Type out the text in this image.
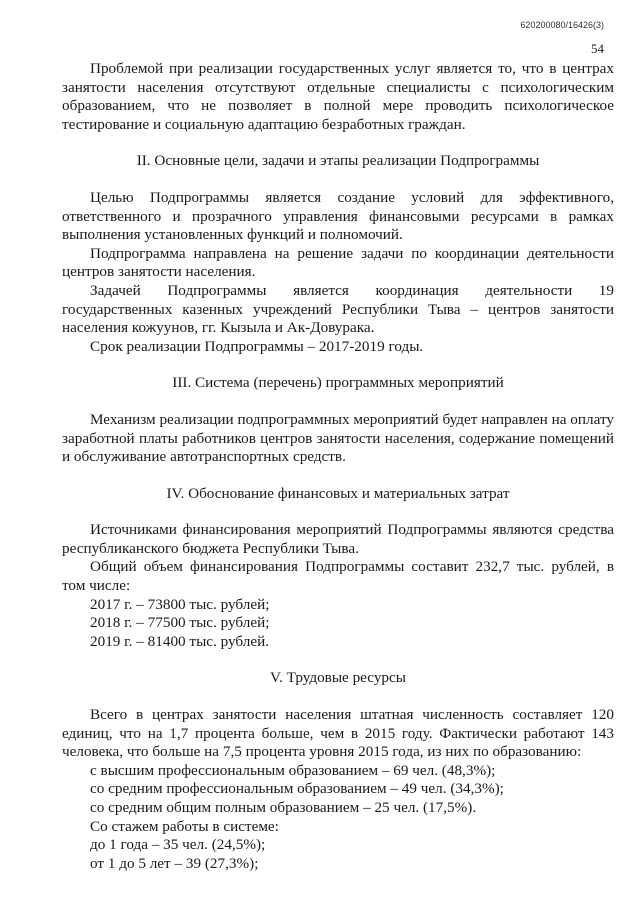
620200080/16426(3)
54

Проблемой при реализации государственных услуг является то, что в центрах занятости населения отсутствуют отдельные специалисты с психологическим образованием, что не позволяет в полной мере проводить психологическое тестирование и социальную адаптацию безработных граждан.

II. Основные цели, задачи и этапы реализации Подпрограммы

Целью Подпрограммы является создание условий для эффективного, ответственного и прозрачного управления финансовыми ресурсами в рамках выполнения установленных функций и полномочий.

Подпрограмма направлена на решение задачи по координации деятельности центров занятости населения.

Задачей Подпрограммы является координация деятельности 19 государственных казенных учреждений Республики Тыва – центров занятости населения кожуунов, гг. Кызыла и Ак-Довурака.

Срок реализации Подпрограммы – 2017-2019 годы.

III. Система (перечень) программных мероприятий

Механизм реализации подпрограммных мероприятий будет направлен на оплату заработной платы работников центров занятости населения, содержание помещений и обслуживание автотранспортных средств.

IV. Обоснование финансовых и материальных затрат

Источниками финансирования мероприятий Подпрограммы являются средства республиканского бюджета Республики Тыва.

Общий объем финансирования Подпрограммы составит 232,7 тыс. рублей, в том числе:

2017 г. – 73800 тыс. рублей;

2018 г. – 77500 тыс. рублей;

2019 г. – 81400 тыс. рублей.

V. Трудовые ресурсы

Всего в центрах занятости населения штатная численность составляет 120 единиц, что на 1,7 процента больше, чем в 2015 году. Фактически работают 143 человека, что больше на 7,5 процента уровня 2015 года, из них по образованию:

с высшим профессиональным образованием – 69 чел. (48,3%);

со средним профессиональным образованием – 49 чел. (34,3%);

со средним общим полным образованием – 25 чел. (17,5%).

Со стажем работы в системе:

до 1 года – 35 чел. (24,5%);

от 1 до 5 лет – 39 (27,3%);
